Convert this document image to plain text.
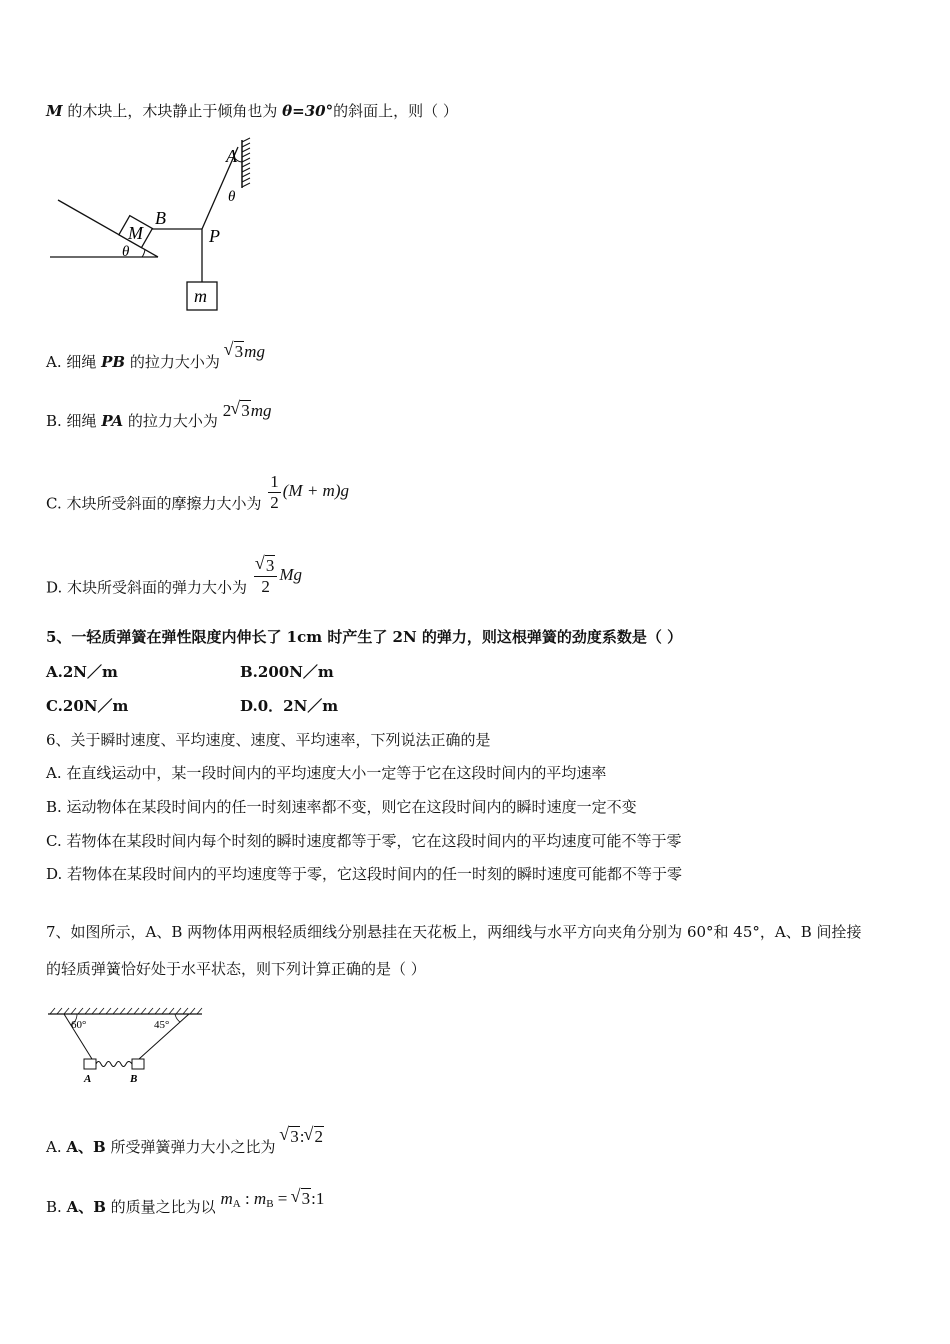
M 的木块上，木块静止于倾角也为 θ=30°的斜面上，则（ ）
M
θ
B
A
θ
P
m
A. 细绳 PB 的拉力大小为 √ 3mg
B. 细绳 PA 的拉力大小为 2 √ 3mg
C. 木块所受斜面的摩擦力大小为 $\frac{1}{2} (M + m)g$
D. 木块所受斜面的弹力大小为 √ $\frac{3}{2}$ Mg
5、一轻质弹簧在弹性限度内伸长了 1cm 时产生了 2N 的弹力，则这根弹簧的劲度系数是（ ）
A.2N／m	B.200N／m
C.20N／m	D.0．2N／m
6、关于瞬时速度、平均速度、速度、平均速率，下列说法正确的是
A. 在直线运动中，某一段时间内的平均速度大小一定等于它在这段时间内的平均速率
B. 运动物体在某段时间内的任一时刻速率都不变，则它在这段时间内的瞬时速度一定不变
C. 若物体在某段时间内每个时刻的瞬时速度都等于零，它在这段时间内的平均速度可能不等于零
D. 若物体在某段时间内的平均速度等于零，它这段时间内的任一时刻的瞬时速度可能都不等于零
7、如图所示，A、B 两物体用两根轻质细线分别悬挂在天花板上，两细线与水平方向夹角分别为 60°和 45°，A、B 间拴接
的轻质弹簧恰好处于水平状态，则下列计算正确的是（ ）
60°	45°
A	B
A. A、B 所受弹簧弹力大小之比为 √ 3: √ 2
B. A、B 的质量之比为以 $m_A$ : $m_B$ = √ 3:1
